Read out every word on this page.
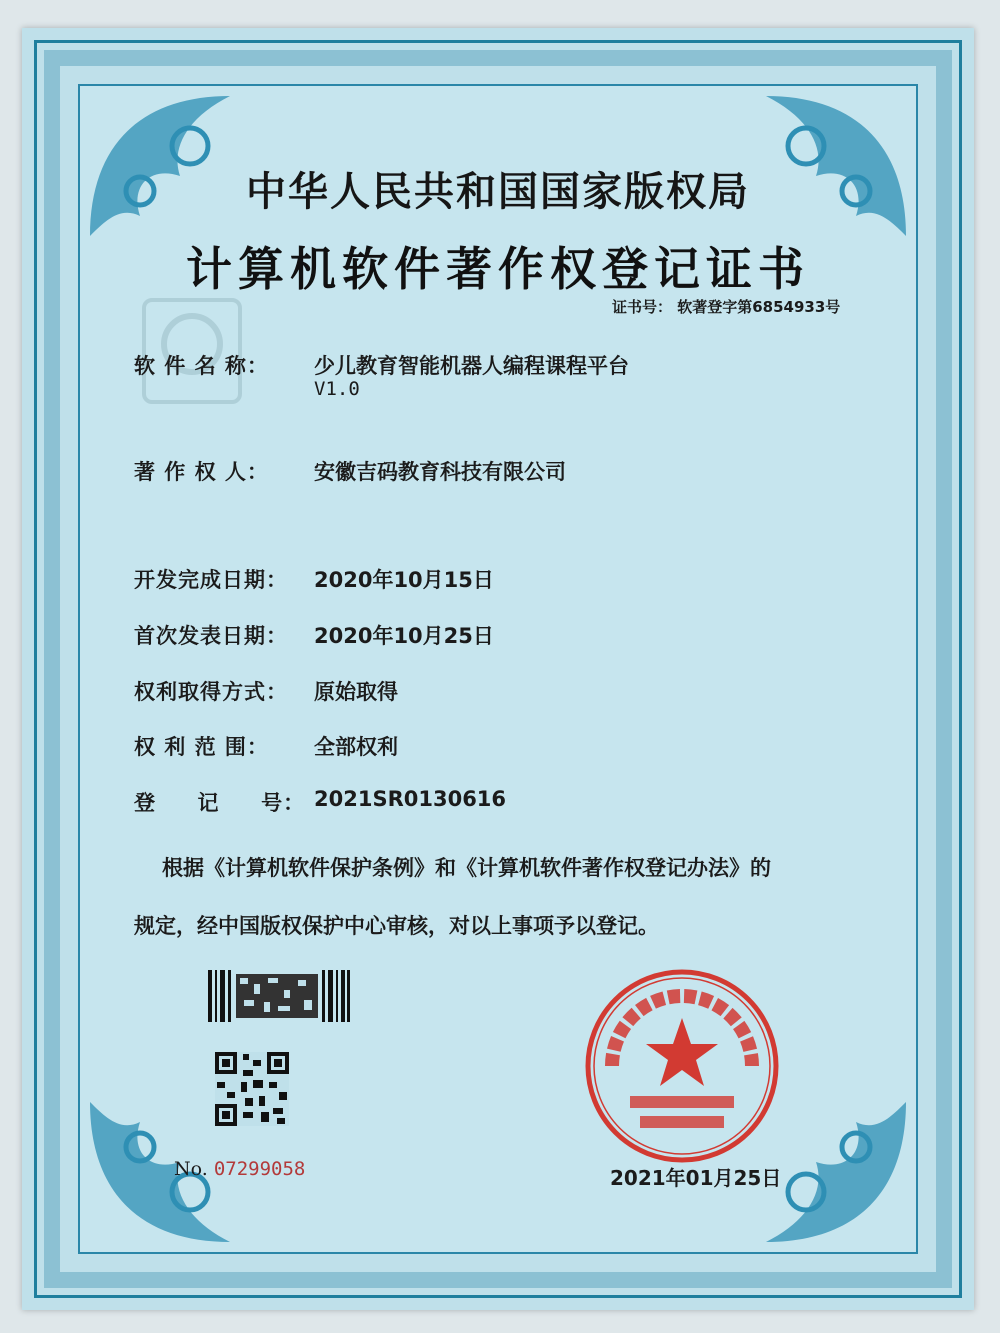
中华人民共和国国家版权局
计算机软件著作权登记证书
证书号： 软著登字第6854933号
软 件 名 称： 少儿教育智能机器人编程课程平台
V1.0
著 作 权 人： 安徽吉码教育科技有限公司
开发完成日期： 2020年10月15日
首次发表日期： 2020年10月25日
权利取得方式： 原始取得
权 利 范 围： 全部权利
登     记     号： 2021SR0130616
根据《计算机软件保护条例》和《计算机软件著作权登记办法》的
规定，经中国版权保护中心审核，对以上事项予以登记。
No. 07299058	2021年01月25日
